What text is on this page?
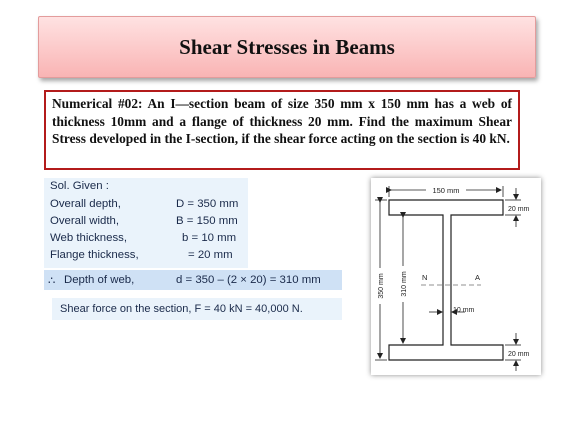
Shear Stresses in Beams
Numerical #02: An I—section beam of size 350 mm x 150 mm has a web of thickness 10mm and a flange of thickness 20 mm. Find the maximum Shear Stress developed in the I-section, if the shear force acting on the section is 40 kN.
Sol. Given :
Overall depth,	D = 350 mm
Overall width,	B = 150 mm
Web thickness,	b = 10 mm
Flange thickness,	= 20 mm
∴ Depth of web,	d = 350 – (2 × 20) = 310 mm
Shear force on the section, F = 40 kN = 40,000 N.
150 mm
20 mm
20 mm
350 mm 310 mm N	A
10 mm
